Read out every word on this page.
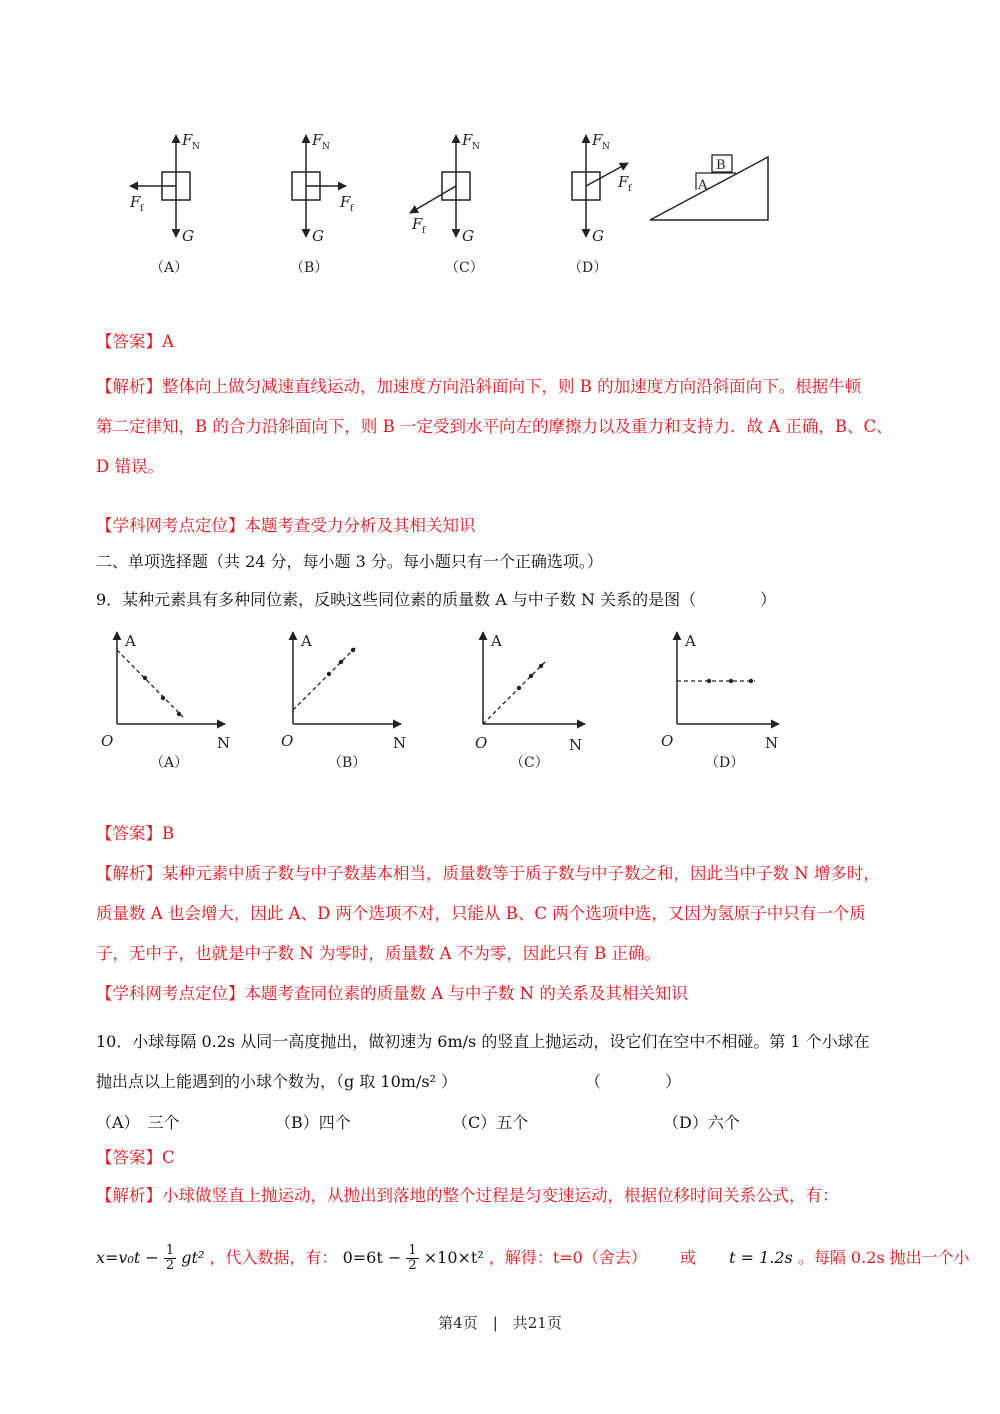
F N
F f
G
F N
F f
G
F N
F f G
F N
F f
G
B
A
（A）	（B）	（C）	（D）
【答案】A
【解析】整体向上做匀减速直线运动，加速度方向沿斜面向下，则 B 的加速度方向沿斜面向下。根据牛顿
第二定律知，B 的合力沿斜面向下，则 B 一定受到水平向左的摩擦力以及重力和支持力．故 A 正确，B、C、
D 错误。
【学科网考点定位】本题考查受力分析及其相关知识
二、单项选择题（共 24 分，每小题 3 分。每小题只有一个正确选项。）
9．某种元素具有多种同位素，反映这些同位素的质量数 A 与中子数 N 关系的是图（　　　　）
A
O	N
A
O	N
A
O	N
A
O	N
（A）	（B）	（C）	（D）
【答案】B
【解析】某种元素中质子数与中子数基本相当，质量数等于质子数与中子数之和，因此当中子数 N 增多时，
质量数 A 也会增大，因此 A、D 两个选项不对，只能从 B、C 两个选项中选，又因为氢原子中只有一个质
子，无中子，也就是中子数 N 为零时，质量数 A 不为零，因此只有 B 正确。
【学科网考点定位】本题考查同位素的质量数 A 与中子数 N 的关系及其相关知识
10．小球每隔 0.2s 从同一高度抛出，做初速为 6m/s 的竖直上抛运动，设它们在空中不相碰。第 1 个小球在
抛出点以上能遇到的小球个数为，（g 取 10m/s² ）　　　　　　　　　（　　　　）
（A）　三个	（B）四个	（C）五个	（D）六个
【答案】C
【解析】小球做竖直上抛运动，从抛出到落地的整个过程是匀变速运动，根据位移时间关系公式，有：
$x=v_0t - \frac{1}{2} gt^2$ ，代入数据，有： $0=6t - \frac{1}{2} \times 10\times t^2$ ，解得：t=0（舍去） 或 t = 1.2s 。每隔 0.2s 抛出一个小
第4页　|　共21页
